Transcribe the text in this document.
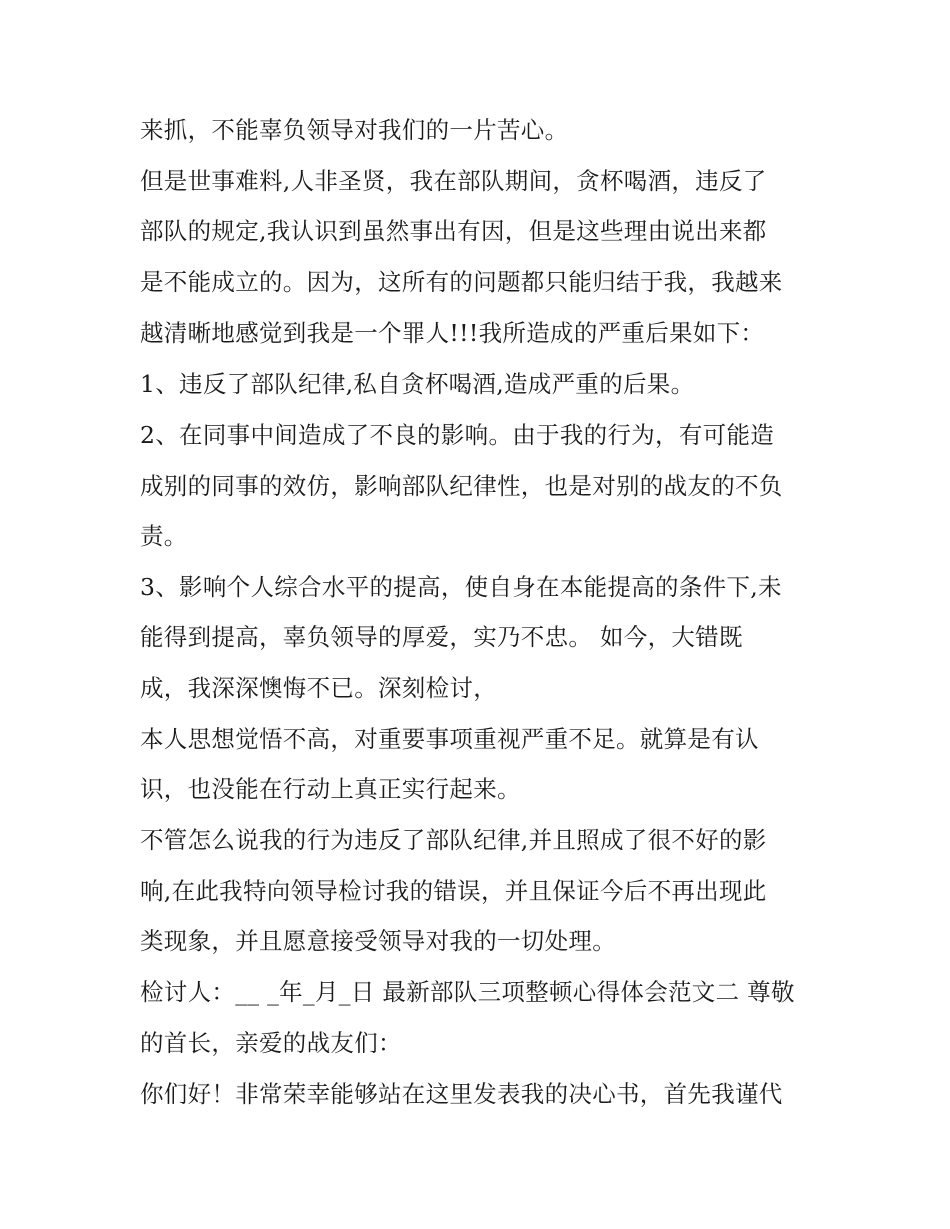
来抓，不能辜负领导对我们的一片苦心。
但是世事难料,人非圣贤，我在部队期间，贪杯喝酒，违反了
部队的规定,我认识到虽然事出有因，但是这些理由说出来都
是不能成立的。因为，这所有的问题都只能归结于我，我越来
越清晰地感觉到我是一个罪人!!!我所造成的严重后果如下：
1、违反了部队纪律,私自贪杯喝酒,造成严重的后果。
2、在同事中间造成了不良的影响。由于我的行为，有可能造
成别的同事的效仿，影响部队纪律性，也是对别的战友的不负
责。
3、影响个人综合水平的提高，使自身在本能提高的条件下,未
能得到提高，辜负领导的厚爱，实乃不忠。 如今，大错既
成，我深深懊悔不已。深刻检讨，
本人思想觉悟不高，对重要事项重视严重不足。就算是有认
识，也没能在行动上真正实行起来。
不管怎么说我的行为违反了部队纪律,并且照成了很不好的影
响,在此我特向领导检讨我的错误，并且保证今后不再出现此
类现象，并且愿意接受领导对我的一切处理。
检讨人：__ _年_月_日 最新部队三项整顿心得体会范文二 尊敬
的首长，亲爱的战友们：
你们好！非常荣幸能够站在这里发表我的决心书，首先我谨代
